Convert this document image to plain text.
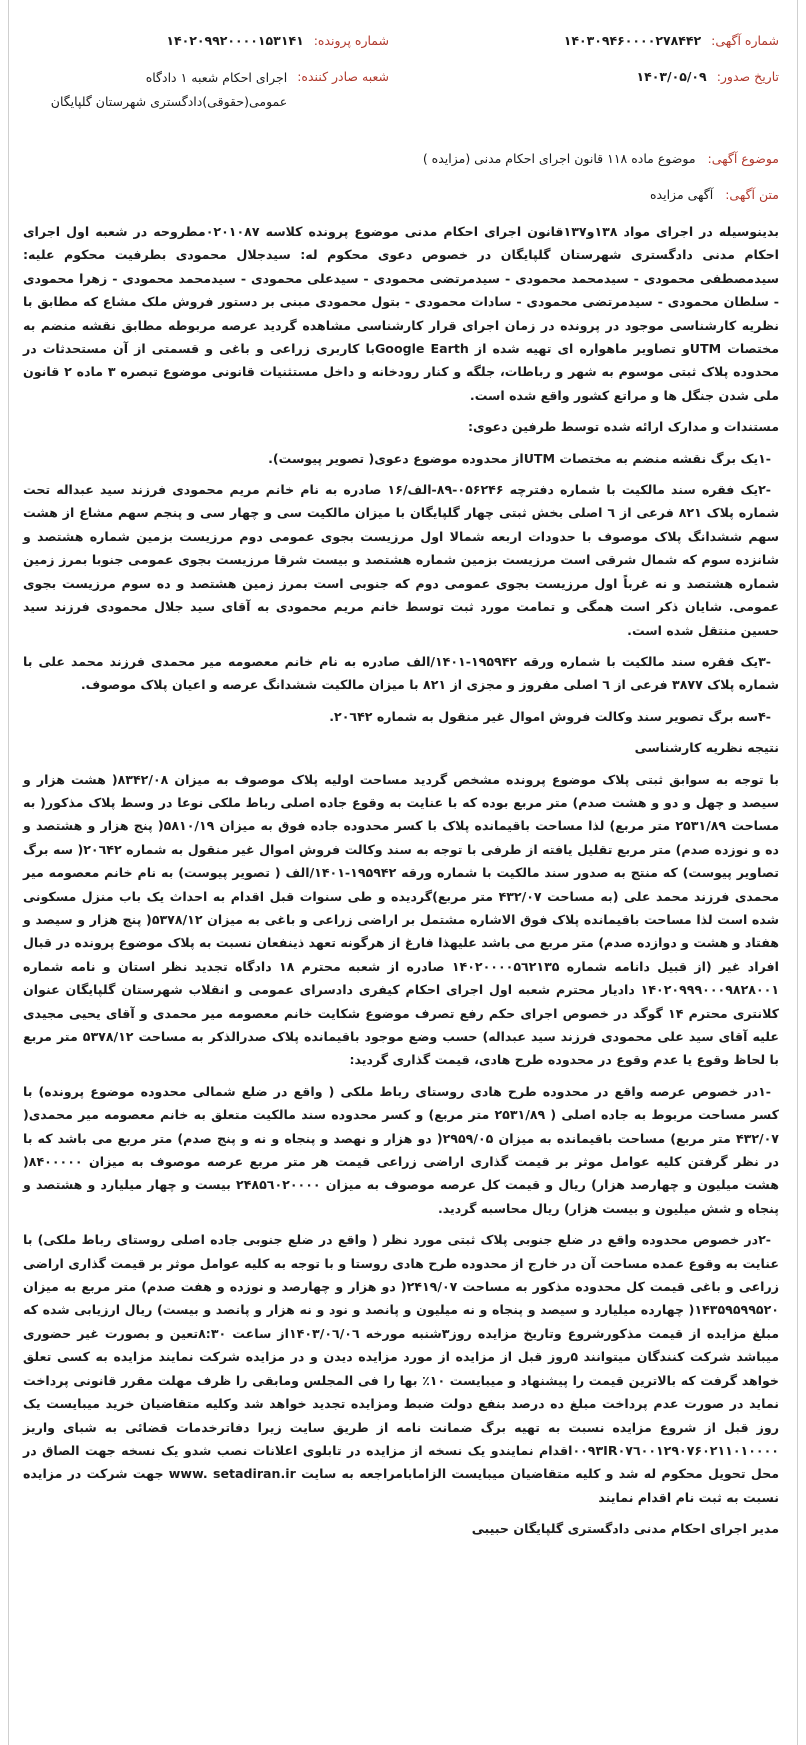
شماره آگهی:
۱۴۰۳۰۹۴۶۰۰۰۰۲۷۸۴۴۲
شماره پرونده:
۱۴۰۲۰۹۹۲۰۰۰۰۱۵۳۱۴۱
تاریخ صدور:
۱۴۰۳/۰۵/۰۹
شعبه صادر کننده:
اجرای احکام شعبه ۱ دادگاه عمومی(حقوقی)دادگستری شهرستان گلپایگان
موضوع آگهی: موضوع ماده ۱۱۸ قانون اجرای احکام مدنی (مزایده )
متن آگهی: آگهی مزایده

بدینوسیله در اجرای مواد ۱۳۸و۱۳۷قانون اجرای احکام مدنی موضوع پرونده کلاسه ۰۲۰۱۰۸۷مطروحه در شعبه اول اجرای احکام مدنی دادگستری شهرستان گلپایگان در خصوص دعوی محکوم له: سیدجلال محمودی بطرفیت محکوم علیه: سیدمصطفی محمودی - سیدمحمد محمودی - سیدمرتضی محمودی - سیدعلی محمودی - سیدمحمد محمودی - زهرا محمودی - سلطان محمودی - سیدمرتضی محمودی - سادات محمودی - بتول محمودی مبنی بر دستور فروش ملک مشاع که مطابق با نظریه کارشناسی موجود در پرونده در زمان اجرای قرار کارشناسی مشاهده گردید عرصه مربوطه مطابق نقشه منضم به مختصات UTMو تصاویر ماهواره ای تهیه شده از Google Earthبا کاربری زراعی و باغی و قسمتی از آن مستحدثات در محدوده پلاک ثبتی موسوم به شهر و رباطات، جلگه و کنار رودخانه و داخل مستثنیات قانونی موضوع تبصره ۳ ماده ۲ قانون ملی شدن جنگل ها و مراتع کشور واقع شده است.

مستندات و مدارک ارائه شده توسط طرفین دعوی:

-۱یک برگ نقشه منضم به مختصات UTMاز محدوده موضوع دعوی( تصویر پیوست).

-۲یک فقره سند مالکیت با شماره دفترچه ۰۵۶۲۴۶-۸۹-الف/۱۶ صادره به نام خانم مریم محمودی فرزند سید عبداله تحت شماره پلاک ۸۲۱ فرعی از ٦ اصلی بخش ثبتی چهار گلپایگان با میزان مالکیت سی و چهار سی و پنجم سهم مشاع از هشت سهم ششدانگ پلاک موصوف با حدودات اربعه شمالا اول مرزیست بجوی عمومی دوم مرزیست بزمین شماره هشتصد و شانزده سوم که شمال شرقی است مرزیست بزمین شماره هشتصد و بیست شرقا مرزیست بجوی عمومی جنوبا بمرز زمین شماره هشتصد و نه غرباً اول مرزیست بجوی عمومی دوم که جنوبی است بمرز زمین هشتصد و ده سوم مرزیست بجوی عمومی. شایان ذکر است همگی و تمامت مورد ثبت توسط خانم مریم محمودی به آقای سید جلال محمودی فرزند سید حسین منتقل شده است.

-۳یک فقره سند مالکیت با شماره ورقه ۱۹۵۹۴۲-۱۴۰۱/الف صادره به نام خانم معصومه میر محمدی فرزند محمد علی با شماره پلاک ۳۸۷۷ فرعی از ٦ اصلی مفروز و مجزی از ۸۲۱ با میزان مالکیت ششدانگ عرصه و اعیان پلاک موصوف.

-۴سه برگ تصویر سند وکالت فروش اموال غیر منقول به شماره ۲۰٦۴۲.

نتیجه نظریه کارشناسی

با توجه به سوابق ثبتی پلاک موضوع پرونده مشخص گردید مساحت اولیه پلاک موصوف به میزان ۸۳۴۲/۰۸( هشت هزار و سیصد و چهل و دو و هشت صدم) متر مربع بوده که با عنایت به وقوع جاده اصلی رباط ملکی نوعا در وسط پلاک مذکور( به مساحت ۲۵۳۱/۸۹ متر مربع) لذا مساحت باقیمانده پلاک با کسر محدوده جاده فوق به میزان ۵۸۱۰/۱۹( پنج هزار و هشتصد و ده و نوزده صدم) متر مربع تقلیل یافته از طرفی با توجه به سند وکالت فروش اموال غیر منقول به شماره ۲۰٦۴۲( سه برگ تصاویر پیوست) که منتج به صدور سند مالکیت با شماره ورقه ۱۹۵۹۴۲-۱۴۰۱/الف ( تصویر پیوست) به نام خانم معصومه میر محمدی فرزند محمد علی (به مساحت ۴۳۲/۰۷ متر مربع)گردیده و طی سنوات قبل اقدام به احداث یک باب منزل مسکونی شده است لذا مساحت باقیمانده پلاک فوق الاشاره مشتمل بر اراضی زراعی و باغی به میزان ۵۳۷۸/۱۲( پنج هزار و سیصد و هفتاد و هشت و دوازده صدم) متر مربع می باشد علیهذا فارغ از هرگونه تعهد ذینفعان نسبت به پلاک موضوع پرونده در قبال افراد غیر (از قبیل دانامه شماره ۱۴۰۲۰۰۰۰۵٦۲۱۳۵ صادره از شعبه محترم ۱۸ دادگاه تجدید نظر استان و نامه شماره ۱۴۰۲۰۹۹۹۰۰۰۹۸۲۸۰۰۱ دادیار محترم شعبه اول اجرای احکام کیفری دادسرای عمومی و انقلاب شهرستان گلپایگان عنوان کلانتری محترم ۱۴ گوگد در خصوص اجرای حکم رفع تصرف موضوع شکایت خانم معصومه میر محمدی و آقای یحیی مجیدی علیه آقای سید علی محمودی فرزند سید عبداله) حسب وضع موجود باقیمانده پلاک صدرالذکر به مساحت ۵۳۷۸/۱۲ متر مربع با لحاظ وقوع یا عدم وقوع در محدوده طرح هادی، قیمت گذاری گردید:

-۱در خصوص عرصه واقع در محدوده طرح هادی روستای رباط ملکی ( واقع در ضلع شمالی محدوده موضوع پرونده) با کسر مساحت مربوط به جاده اصلی ( ۲۵۳۱/۸۹ متر مربع) و کسر محدوده سند مالکیت متعلق به خانم معصومه میر محمدی( ۴۳۲/۰۷ متر مربع) مساحت باقیمانده به میزان ۲۹۵۹/۰۵( دو هزار و نهصد و پنجاه و نه و پنج صدم) متر مربع می باشد که با در نظر گرفتن کلیه عوامل موثر بر قیمت گذاری اراضی زراعی قیمت هر متر مربع عرصه موصوف به میزان ۸۴۰۰۰۰۰( هشت میلیون و چهارصد هزار) ریال و قیمت کل عرصه موصوف به میزان ۲۴۸۵٦۰۲۰۰۰۰ بیست و چهار میلیارد و هشتصد و پنجاه و شش میلیون و بیست هزار) ریال محاسبه گردید.

-۲در خصوص محدوده واقع در ضلع جنوبی پلاک ثبتی مورد نظر ( واقع در ضلع جنوبی جاده اصلی روستای رباط ملکی) با عنایت به وقوع عمده مساحت آن در خارج از محدوده طرح هادی روستا و با توجه به کلیه عوامل موثر بر قیمت گذاری اراضی زراعی و باغی قیمت کل محدوده مذکور به مساحت ۲۴۱۹/۰۷( دو هزار و چهارصد و نوزده و هفت صدم) متر مربع به میزان ۱۴۳۵۹۵۹۹۵۲۰( چهارده میلیارد و سیصد و پنجاه و نه میلیون و پانصد و نود و نه هزار و پانصد و بیست) ریال ارزیابی شده که مبلغ مزایده از قیمت مذکورشروع وتاریخ مزایده روز۳شنبه مورخه ۱۴۰۳/۰٦/۰٦از ساعت ۸:۳۰تعین و بصورت غیر حضوری میباشد شرکت کنندگان میتوانند ۵روز قبل از مزایده از مورد مزایده دیدن و در مزایده شرکت نمایند مزایده به کسی تعلق خواهد گرفت که بالاترین قیمت را پیشنهاد و میبایست ۱۰٪ بها را فی المجلس ومابقی را ظرف مهلت مقرر قانونی پرداخت نماید در صورت عدم پرداخت مبلغ ده درصد بنفع دولت ضبط ومزایده تجدید خواهد شد وکلیه متقاضیان خرید میبایست یک روز قبل از شروع مزایده نسبت به تهیه برگ ضمانت نامه از طریق سایت زیرا دفاترخدمات قضائی به شبای واریز ۰۰۹۳IR۰۷٦۰۰۱۲۹۰۷۶۰۲۱۱۰۱۰۰۰۰اقدام نمایندو یک نسخه از مزایده در تابلوی اعلانات نصب شدو یک نسخه جهت الصاق در محل تحویل محکوم له شد و کلیه متقاضیان میبایست الزامابامراجعه به سایت www. setadiran.ir جهت شرکت در مزایده نسبت به ثبت نام اقدام نمایند

مدیر اجرای احکام مدنی دادگستری گلپایگان حبیبی
